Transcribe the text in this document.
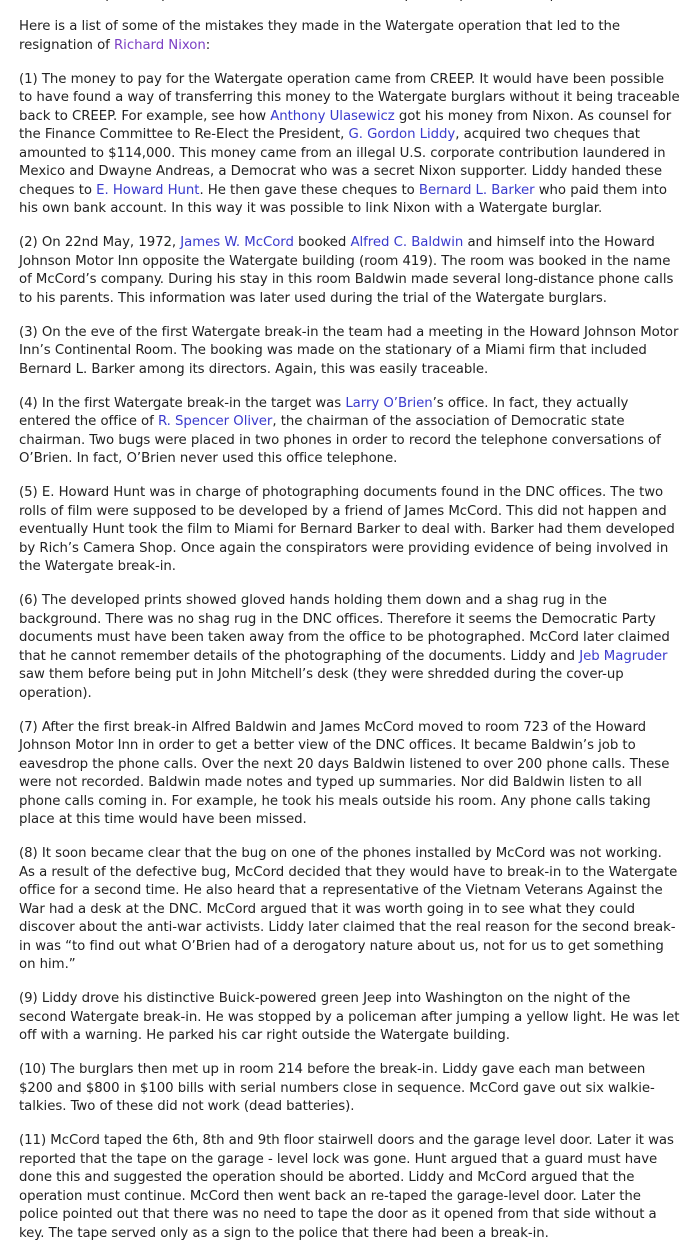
Here is a list of some of the mistakes they made in the Watergate operation that led to the resignation of Richard Nixon:

(1) The money to pay for the Watergate operation came from CREEP. It would have been possible to have found a way of transferring this money to the Watergate burglars without it being traceable back to CREEP. For example, see how Anthony Ulasewicz got his money from Nixon. As counsel for the Finance Committee to Re-Elect the President, G. Gordon Liddy, acquired two cheques that amounted to $114,000. This money came from an illegal U.S. corporate contribution laundered in Mexico and Dwayne Andreas, a Democrat who was a secret Nixon supporter. Liddy handed these cheques to E. Howard Hunt. He then gave these cheques to Bernard L. Barker who paid them into his own bank account. In this way it was possible to link Nixon with a Watergate burglar.

(2) On 22nd May, 1972, James W. McCord booked Alfred C. Baldwin and himself into the Howard Johnson Motor Inn opposite the Watergate building (room 419). The room was booked in the name of McCord’s company. During his stay in this room Baldwin made several long-distance phone calls to his parents. This information was later used during the trial of the Watergate burglars.

(3) On the eve of the first Watergate break-in the team had a meeting in the Howard Johnson Motor Inn’s Continental Room. The booking was made on the stationary of a Miami firm that included Bernard L. Barker among its directors. Again, this was easily traceable.

(4) In the first Watergate break-in the target was Larry O’Brien’s office. In fact, they actually entered the office of R. Spencer Oliver, the chairman of the association of Democratic state chairman. Two bugs were placed in two phones in order to record the telephone conversations of O’Brien. In fact, O’Brien never used this office telephone.

(5) E. Howard Hunt was in charge of photographing documents found in the DNC offices. The two rolls of film were supposed to be developed by a friend of James McCord. This did not happen and eventually Hunt took the film to Miami for Bernard Barker to deal with. Barker had them developed by Rich’s Camera Shop. Once again the conspirators were providing evidence of being involved in the Watergate break-in.

(6) The developed prints showed gloved hands holding them down and a shag rug in the background. There was no shag rug in the DNC offices. Therefore it seems the Democratic Party documents must have been taken away from the office to be photographed. McCord later claimed that he cannot remember details of the photographing of the documents. Liddy and Jeb Magruder saw them before being put in John Mitchell’s desk (they were shredded during the cover-up operation).

(7) After the first break-in Alfred Baldwin and James McCord moved to room 723 of the Howard Johnson Motor Inn in order to get a better view of the DNC offices. It became Baldwin’s job to eavesdrop the phone calls. Over the next 20 days Baldwin listened to over 200 phone calls. These were not recorded. Baldwin made notes and typed up summaries. Nor did Baldwin listen to all phone calls coming in. For example, he took his meals outside his room. Any phone calls taking place at this time would have been missed.

(8) It soon became clear that the bug on one of the phones installed by McCord was not working. As a result of the defective bug, McCord decided that they would have to break-in to the Watergate office for a second time. He also heard that a representative of the Vietnam Veterans Against the War had a desk at the DNC. McCord argued that it was worth going in to see what they could discover about the anti-war activists. Liddy later claimed that the real reason for the second break-in was “to find out what O’Brien had of a derogatory nature about us, not for us to get something on him.”

(9) Liddy drove his distinctive Buick-powered green Jeep into Washington on the night of the second Watergate break-in. He was stopped by a policeman after jumping a yellow light. He was let off with a warning. He parked his car right outside the Watergate building.

(10) The burglars then met up in room 214 before the break-in. Liddy gave each man between $200 and $800 in $100 bills with serial numbers close in sequence. McCord gave out six walkie-talkies. Two of these did not work (dead batteries).

(11) McCord taped the 6th, 8th and 9th floor stairwell doors and the garage level door. Later it was reported that the tape on the garage - level lock was gone. Hunt argued that a guard must have done this and suggested the operation should be aborted. Liddy and McCord argued that the operation must continue. McCord then went back an re-taped the garage-level door. Later the police pointed out that there was no need to tape the door as it opened from that side without a key. The tape served only as a sign to the police that there had been a break-in.
